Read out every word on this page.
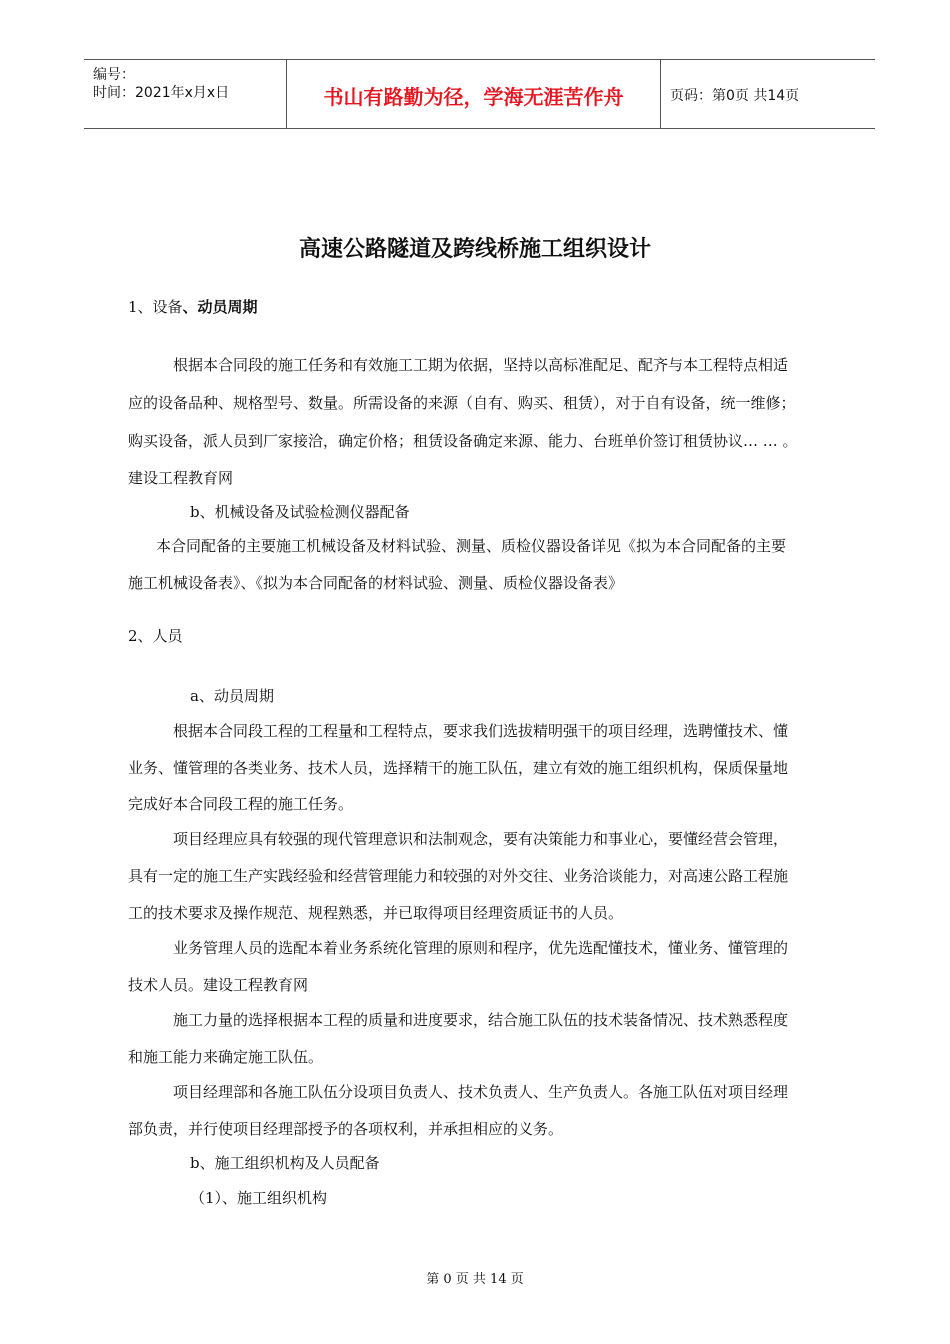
编号：
时间：2021年x月x日	书山有路勤为径，学海无涯苦作舟	页码：第0页 共14页
高速公路隧道及跨线桥施工组织设计
1、设备、动员周期
根据本合同段的施工任务和有效施工工期为依据，坚持以高标准配足、配齐与本工程特点相适
应的设备品种、规格型号、数量。所需设备的来源（自有、购买、租赁），对于自有设备，统一维修；
购买设备，派人员到厂家接洽，确定价格；租赁设备确定来源、能力、台班单价签订租赁协议… … 。
建设工程教育网
b、机械设备及试验检测仪器配备
本合同配备的主要施工机械设备及材料试验、测量、质检仪器设备详见《拟为本合同配备的主要
施工机械设备表》、《拟为本合同配备的材料试验、测量、质检仪器设备表》
2、人员
a、动员周期
根据本合同段工程的工程量和工程特点，要求我们选拔精明强干的项目经理，选聘懂技术、懂
业务、懂管理的各类业务、技术人员，选择精干的施工队伍，建立有效的施工组织机构，保质保量地
完成好本合同段工程的施工任务。
项目经理应具有较强的现代管理意识和法制观念，要有决策能力和事业心，要懂经营会管理，
具有一定的施工生产实践经验和经营管理能力和较强的对外交往、业务洽谈能力，对高速公路工程施
工的技术要求及操作规范、规程熟悉，并已取得项目经理资质证书的人员。
业务管理人员的选配本着业务系统化管理的原则和程序，优先选配懂技术，懂业务、懂管理的
技术人员。建设工程教育网
施工力量的选择根据本工程的质量和进度要求，结合施工队伍的技术装备情况、技术熟悉程度
和施工能力来确定施工队伍。
项目经理部和各施工队伍分设项目负责人、技术负责人、生产负责人。各施工队伍对项目经理
部负责，并行使项目经理部授予的各项权利，并承担相应的义务。
b、施工组织机构及人员配备
（1）、施工组织机构
第 0 页 共 14 页
